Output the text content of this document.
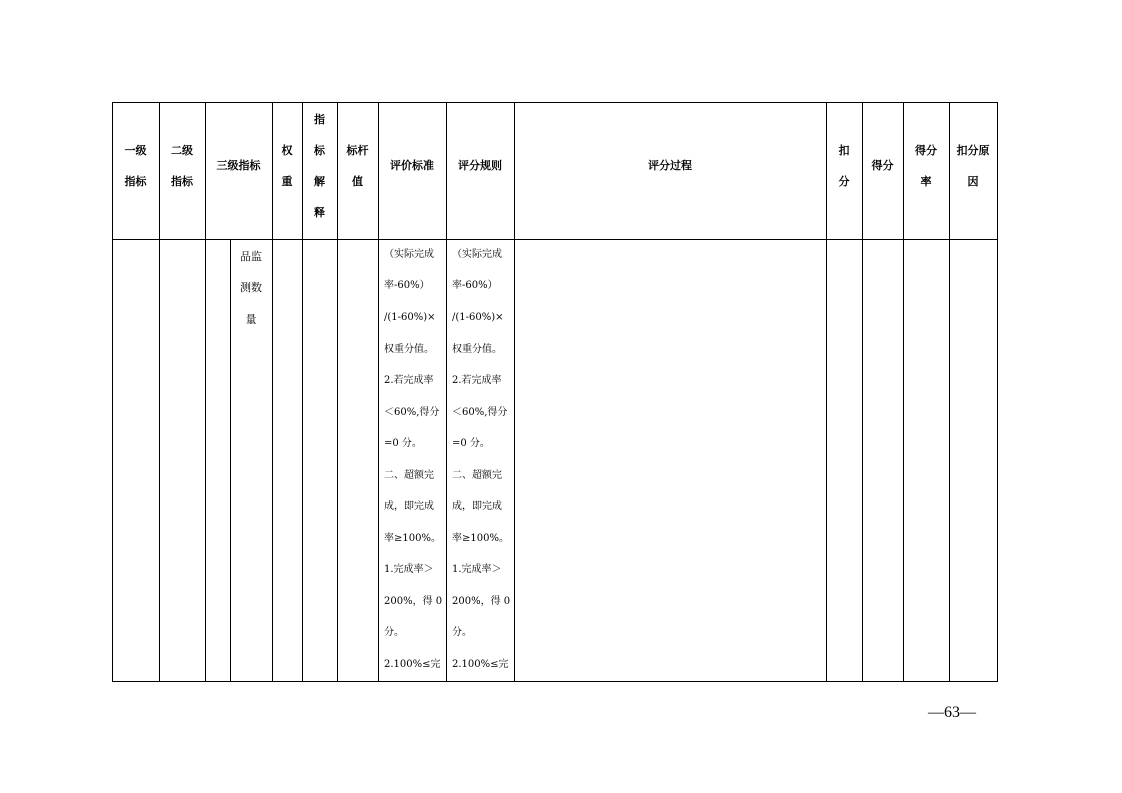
一级
指标
二级
指标
三级指标
权
重
指
标
解
释
标杆
值
评价标准	评分规则	评分过程
扣
分
得分
得分
率
扣分原
因
品监
测数
量
（实际完成
率-60%）
/(1-60%)×
权重分值。
2.若完成率
＜60%,得分
=0 分。
二、超额完
成，即完成
率≥100%。
1.完成率＞
200%，得 0
分。
2.100%≤完
（实际完成
率-60%）
/(1-60%)×
权重分值。
2.若完成率
＜60%,得分
=0 分。
二、超额完
成，即完成
率≥100%。
1.完成率＞
200%，得 0
分。
2.100%≤完
—63—
